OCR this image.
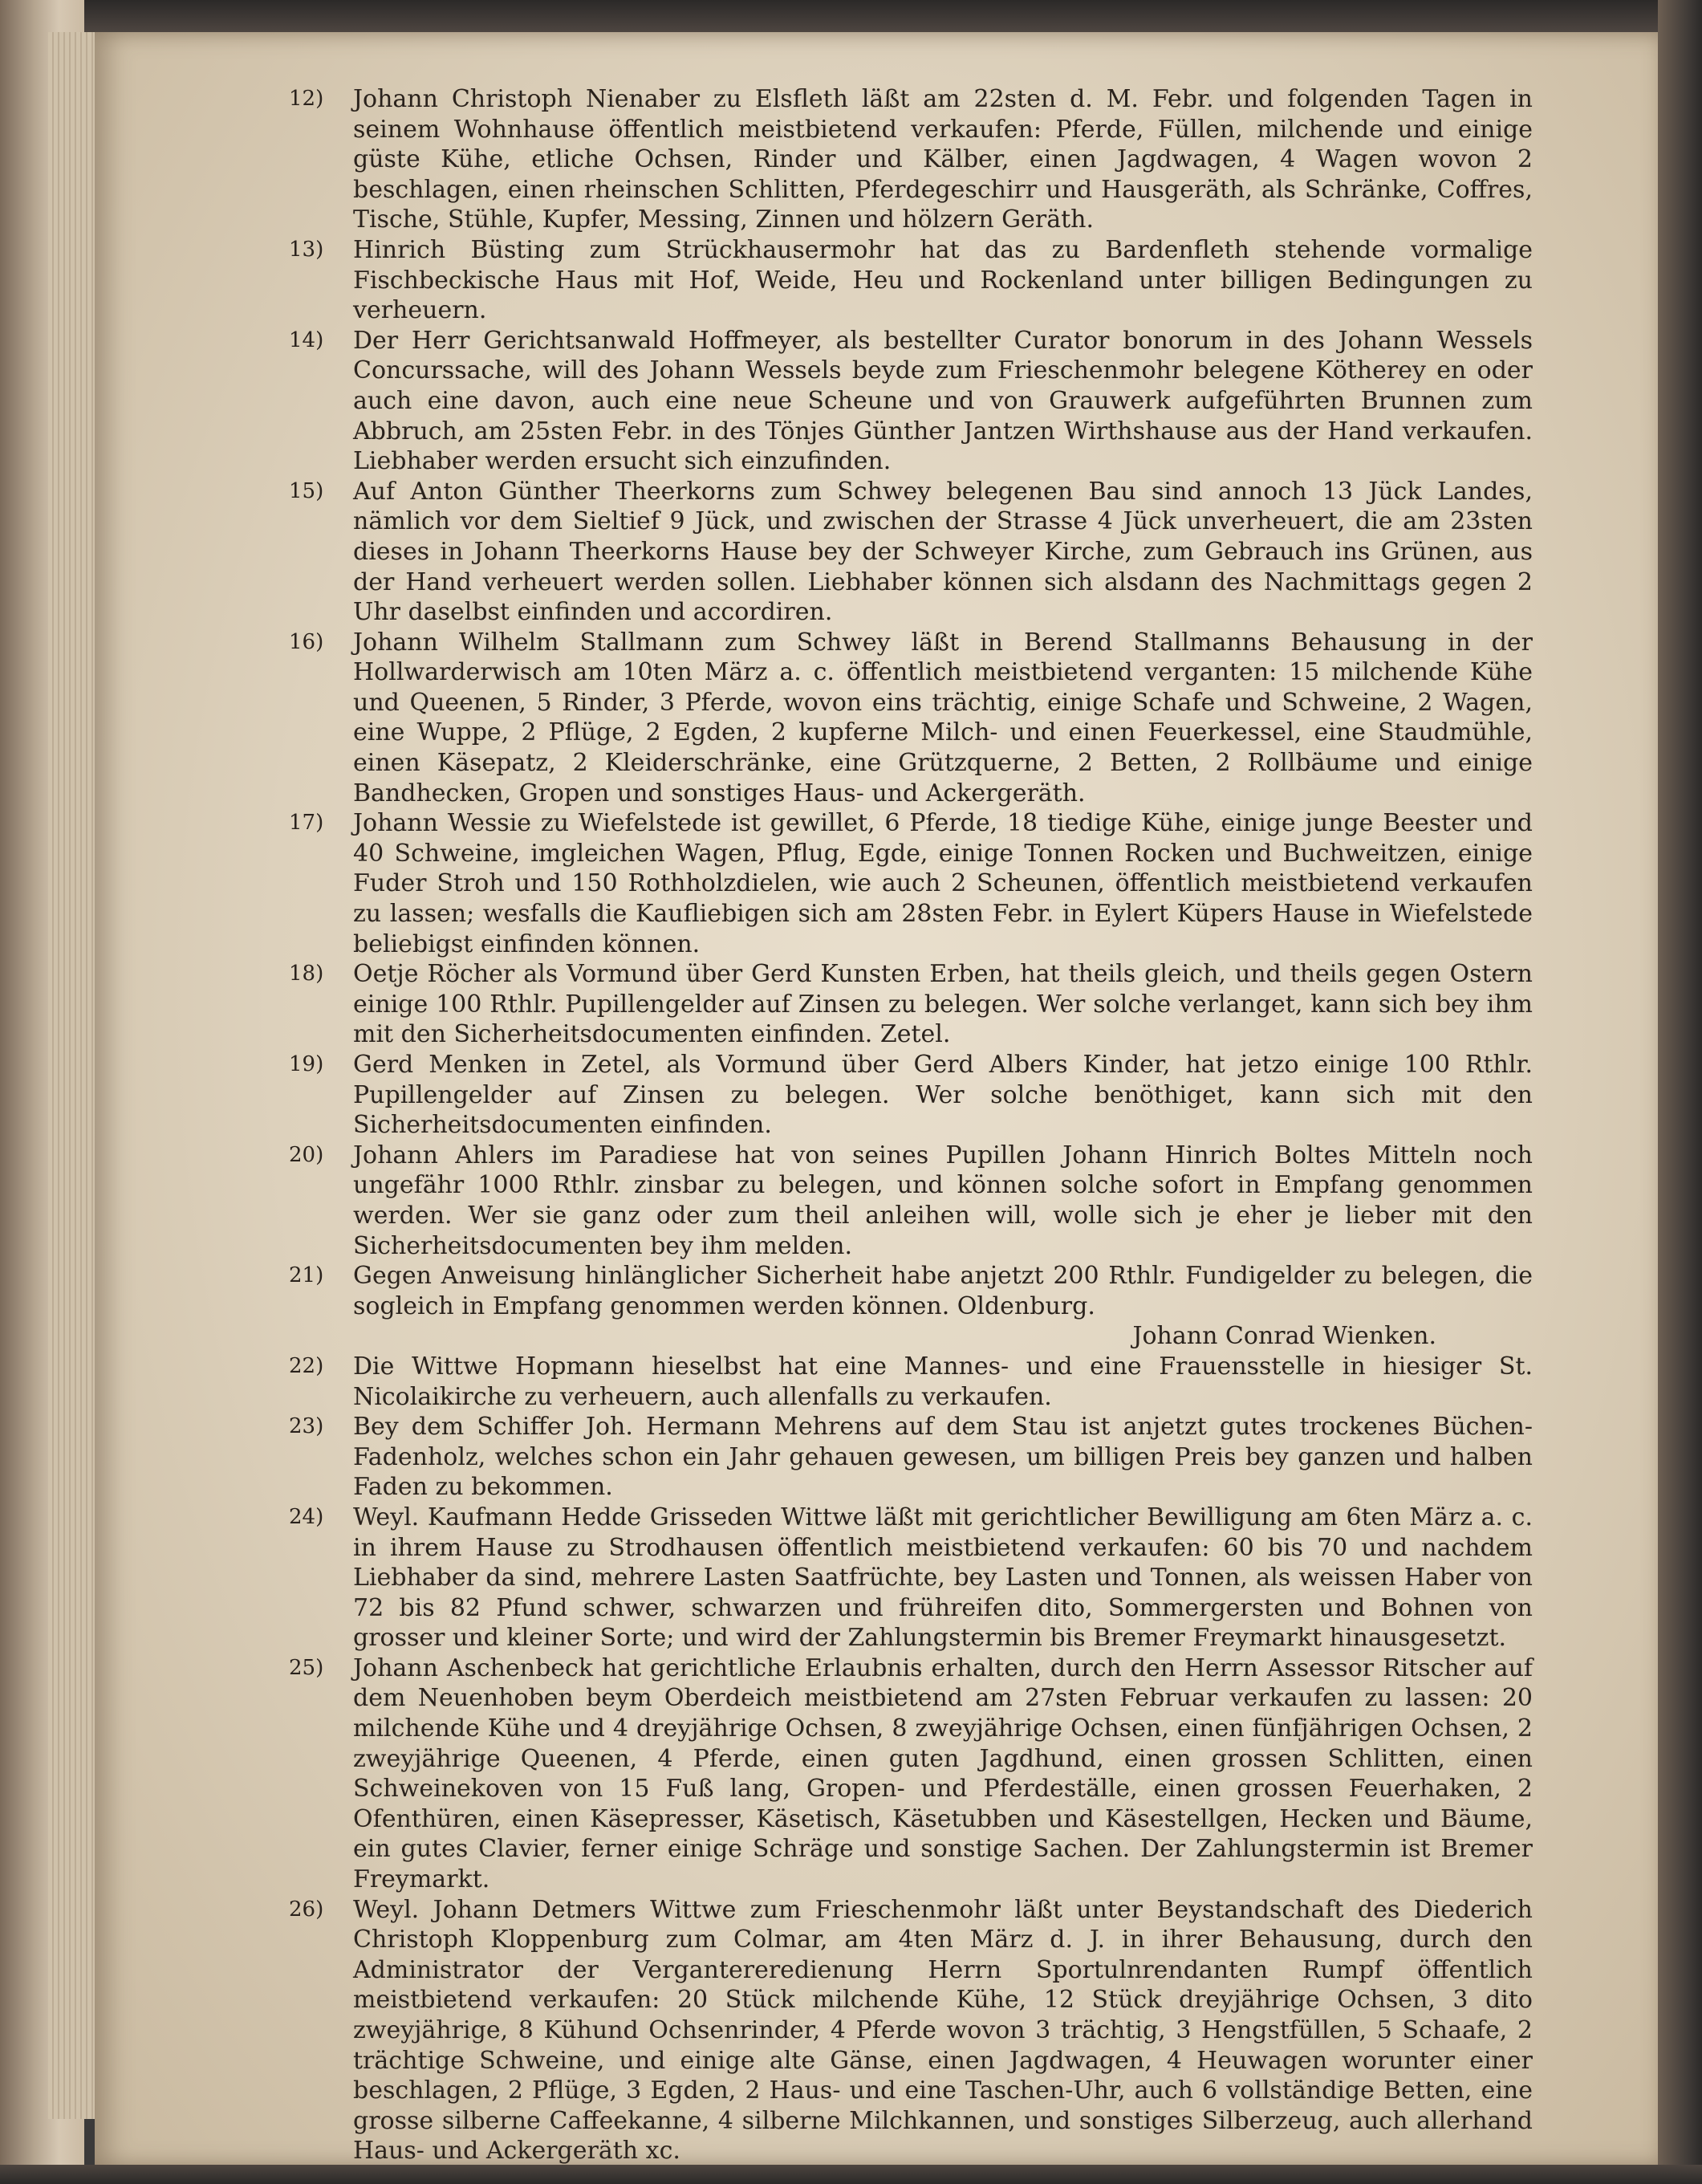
12)	Johann Christoph Nienaber zu Elsfleth läßt am 22sten d. M. Febr. und folgenden Tagen in seinem Wohnhause öffentlich meistbietend verkaufen: Pferde, Füllen, milchende und einige güste Kühe, etliche Ochsen, Rinder und Kälber, einen Jagdwagen, 4 Wagen wovon 2 beschlagen, einen rheinschen Schlitten, Pferdegeschirr und Hausgeräth, als Schränke, Coffres, Tische, Stühle, Kupfer, Messing, Zinnen und hölzern Geräth.

13)	Hinrich Büsting zum Strückhausermohr hat das zu Bardenfleth stehende vormalige Fischbeckische Haus mit Hof, Weide, Heu und Rockenland unter billigen Bedingungen zu verheuern.

14)	Der Herr Gerichtsanwald Hoffmeyer, als bestellter Curator bonorum in des Johann Wessels Concurssache, will des Johann Wessels beyde zum Frieschenmohr belegene Kötherey en oder auch eine davon, auch eine neue Scheune und von Grauwerk aufgeführten Brunnen zum Abbruch, am 25sten Febr. in des Tönjes Günther Jantzen Wirthshause aus der Hand verkaufen. Liebhaber werden ersucht sich einzufinden.

15)	Auf Anton Günther Theerkorns zum Schwey belegenen Bau sind annoch 13 Jück Landes, nämlich vor dem Sieltief 9 Jück, und zwischen der Strasse 4 Jück unverheuert, die am 23sten dieses in Johann Theerkorns Hause bey der Schweyer Kirche, zum Gebrauch ins Grünen, aus der Hand verheuert werden sollen. Liebhaber können sich alsdann des Nachmittags gegen 2 Uhr daselbst einfinden und accordiren.

16)	Johann Wilhelm Stallmann zum Schwey läßt in Berend Stallmanns Behausung in der Hollwarderwisch am 10ten März a. c. öffentlich meistbietend verganten: 15 milchende Kühe und Queenen, 5 Rinder, 3 Pferde, wovon eins trächtig, einige Schafe und Schweine, 2 Wagen, eine Wuppe, 2 Pflüge, 2 Egden, 2 kupferne Milch- und einen Feuerkessel, eine Staudmühle, einen Käsepatz, 2 Kleiderschränke, eine Grützquerne, 2 Betten, 2 Rollbäume und einige Bandhecken, Gropen und sonstiges Haus- und Ackergeräth.

17)	Johann Wessie zu Wiefelstede ist gewillet, 6 Pferde, 18 tiedige Kühe, einige junge Beester und 40 Schweine, imgleichen Wagen, Pflug, Egde, einige Tonnen Rocken und Buchweitzen, einige Fuder Stroh und 150 Rothholzdielen, wie auch 2 Scheunen, öffentlich meistbietend verkaufen zu lassen; wesfalls die Kaufliebigen sich am 28sten Febr. in Eylert Küpers Hause in Wiefelstede beliebigst einfinden können.

18)	Oetje Röcher als Vormund über Gerd Kunsten Erben, hat theils gleich, und theils gegen Ostern einige 100 Rthlr. Pupillengelder auf Zinsen zu belegen. Wer solche verlanget, kann sich bey ihm mit den Sicherheitsdocumenten einfinden. Zetel.

19)	Gerd Menken in Zetel, als Vormund über Gerd Albers Kinder, hat jetzo einige 100 Rthlr. Pupillengelder auf Zinsen zu belegen. Wer solche benöthiget, kann sich mit den Sicherheitsdocumenten einfinden.

20)	Johann Ahlers im Paradiese hat von seines Pupillen Johann Hinrich Boltes Mitteln noch ungefähr 1000 Rthlr. zinsbar zu belegen, und können solche sofort in Empfang genommen werden. Wer sie ganz oder zum theil anleihen will, wolle sich je eher je lieber mit den Sicherheitsdocumenten bey ihm melden.

21)	Gegen Anweisung hinlänglicher Sicherheit habe anjetzt 200 Rthlr. Fundigelder zu belegen, die sogleich in Empfang genommen werden können. Oldenburg.

Johann Conrad Wienken.

22)	Die Wittwe Hopmann hieselbst hat eine Mannes- und eine Frauensstelle in hiesiger St. Nicolaikirche zu verheuern, auch allenfalls zu verkaufen.

23)	Bey dem Schiffer Joh. Hermann Mehrens auf dem Stau ist anjetzt gutes trockenes Büchen-Fadenholz, welches schon ein Jahr gehauen gewesen, um billigen Preis bey ganzen und halben Faden zu bekommen.

24)	Weyl. Kaufmann Hedde Grisseden Wittwe läßt mit gerichtlicher Bewilligung am 6ten März a. c. in ihrem Hause zu Strodhausen öffentlich meistbietend verkaufen: 60 bis 70 und nachdem Liebhaber da sind, mehrere Lasten Saatfrüchte, bey Lasten und Tonnen, als weissen Haber von 72 bis 82 Pfund schwer, schwarzen und frühreifen dito, Sommergersten und Bohnen von grosser und kleiner Sorte; und wird der Zahlungstermin bis Bremer Freymarkt hinausgesetzt.

25)	Johann Aschenbeck hat gerichtliche Erlaubnis erhalten, durch den Herrn Assessor Ritscher auf dem Neuenhoben beym Oberdeich meistbietend am 27sten Februar verkaufen zu lassen: 20 milchende Kühe und 4 dreyjährige Ochsen, 8 zweyjährige Ochsen, einen fünfjährigen Ochsen, 2 zweyjährige Queenen, 4 Pferde, einen guten Jagdhund, einen grossen Schlitten, einen Schweinekoven von 15 Fuß lang, Gropen- und Pferdeställe, einen grossen Feuerhaken, 2 Ofenthüren, einen Käsepresser, Käsetisch, Käsetubben und Käsestellgen, Hecken und Bäume, ein gutes Clavier, ferner einige Schräge und sonstige Sachen. Der Zahlungstermin ist Bremer Freymarkt.

26)	Weyl. Johann Detmers Wittwe zum Frieschenmohr läßt unter Beystandschaft des Diederich Christoph Kloppenburg zum Colmar, am 4ten März d. J. in ihrer Behausung, durch den Administrator der Vergantereredienung Herrn Sportulnrendanten Rumpf öffentlich meistbietend verkaufen: 20 Stück milchende Kühe, 12 Stück dreyjährige Ochsen, 3 dito zweyjährige, 8 Kühund Ochsenrinder, 4 Pferde wovon 3 trächtig, 3 Hengstfüllen, 5 Schaafe, 2 trächtige Schweine, und einige alte Gänse, einen Jagdwagen, 4 Heuwagen worunter einer beschlagen, 2 Pflüge, 3 Egden, 2 Haus- und eine Taschen-Uhr, auch 6 vollständige Betten, eine grosse silberne Caffeekanne, 4 silberne Milchkannen, und sonstiges Silberzeug, auch allerhand Haus- und Ackergeräth xc.
